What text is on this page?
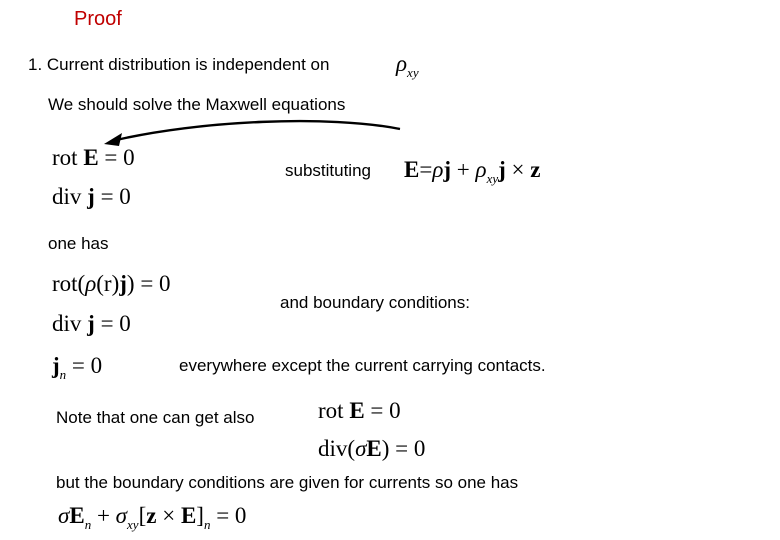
Proof
1. Current distribution is independent on	$\rho_{xy}$
We should solve the Maxwell equations
rot E = 0
div j = 0
substituting $E=\rho j + \rho_{xy}j \times z$
one has
rot(ρ(r)j) = 0
div j = 0
and boundary conditions:
$j_n = 0$	everywhere except the current carrying contacts.
Note that one can get also	rot E = 0
div(σE) = 0
but the boundary conditions are given for currents so one has
$\sigma E_n + \sigma_{xy}[z \times E]_n = 0$
